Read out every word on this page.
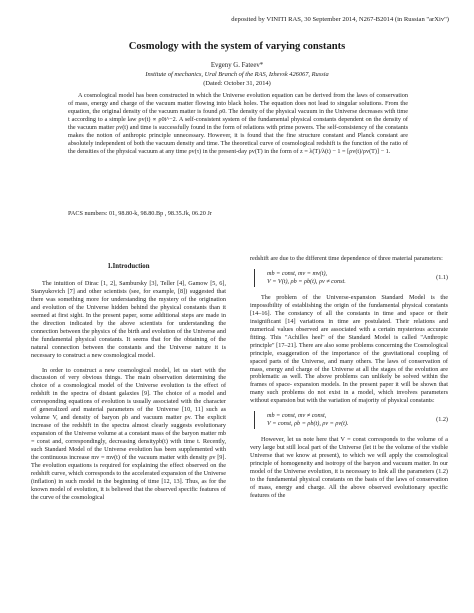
deposited by VINITI RAS, 30 September 2014, N267-B2014 (in Russian "arXiv")
Cosmology with the system of varying constants
Evgeny G. Fateev*
Institute of mechanics, Ural Branch of the RAS, Izhevsk 426067, Russia
(Dated: October 31, 2014)

A cosmological model has been constructed in which the Universe evolution equation can be derived from the laws of conservation of mass, energy and charge of the vacuum matter flowing into black holes. The equation does not lead to singular solutions. From the equation, the original density of the vacuum matter is found ρ0. The density of the physical vacuum in the Universe decreases with time t according to a simple law ρv(t) ∝ ρ0t^−2. A self-consistent system of the fundamental physical constants dependent on the density of the vacuum matter ρv(t) and time is successfully found in the form of relations with prime powers. The self-consistency of the constants makes the notion of anthropic principle unnecessary. However, it is found that the fine structure constant and Planck constant are absolutely independent of both the vacuum density and time. The theoretical curve of cosmological redshift is the function of the ratio of the densities of the physical vacuum at any time ρv(τ) in the present-day ρv(T) in the form of z = λ(T)/λ(t) − 1 = [ρv(t)/ρv(T)] − 1.

PACS numbers: 01, 98.80-k, 98.80.Bp , 98.35.Jk, 06.20 Jr

1.Introduction

The intuition of Dirac [1, 2], Sambursky [3], Teller [4], Gamow [5, 6], Stanyukovich [7] and other scientists (see, for example, [8]) suggested that there was something more for understanding the mystery of the origination and evolution of the Universe hidden behind the physical constants than it seemed at first sight. In the present paper, some additional steps are made in the direction indicated by the above scientists for understanding the connection between the physics of the birth and evolution of the Universe and the fundamental physical constants. It seems that for the obtaining of the natural connection between the constants and the Universe nature it is necessary to construct a new cosmological model.

In order to construct a new cosmological model, let us start with the discussion of very obvious things. The main observation determining the choice of a cosmological model of the Universe evolution is the effect of redshift in the spectra of distant galaxies [9]. The choice of a model and corresponding equations of evolution is usually associated with the character of generalized and material parameters of the Universe [10, 11] such as volume V, and density of baryon ρb and vacuum matter ρv. The explicit increase of the redshift in the spectra almost clearly suggests evolutionary expansion of the Universe volume at a constant mass of the baryon matter mb = const and, correspondingly, decreasing densityρb(t) with time t. Recently, such Standard Model of the Universe evolution has been supplemented with the continuous increase mv = mv(t) of the vacuum matter with density ρv [9]. The evolution equations is required for explaining the effect observed on the redshift curve, which corresponds to the accelerated expansion of the Universe (inflation) in such model in the beginning of time [12, 13]. Thus, as for the known model of evolution, it is believed that the observed specific features of the curve of the cosmological

redshift are due to the different time dependence of three material parameters:

mb = const, mv = mv(t),
V = V(t), ρb = ρb(t), ρv ≠ const.
(1.1)

The problem of the Universe-expansion Standard Model is the impossibility of establishing the origin of the fundamental physical constants [14–16]. The constancy of all the constants in time and space or their insignificant [14] variations in time are postulated. Their relations and numerical values observed are associated with a certain mysterious accurate fitting. This "Achilles heel" of the Standard Model is called "Anthropic principle" [17–21]. There are also some problems concerning the Cosmological principle, exaggeration of the importance of the gravitational coupling of spaced parts of the Universe, and many others. The laws of conservation of mass, energy and charge of the Universe at all the stages of the evolution are problematic as well. The above problems can unlikely be solved within the frames of space- expansion models. In the present paper it will be shown that many such problems do not exist in a model, which involves parameters without expansion but with the variation of majority of physical constants:

mb = const, mv ≠ const,
V = const, ρb = ρb(t), ρv = ρv(t).
(1.2)

However, let us note here that V = const corresponds to the volume of a very large but still local part of the Universe (let it be the volume of the visible Universe that we know at present), to which we will apply the cosmological principle of homogeneity and isotropy of the baryon and vacuum matter. In our model of the Universe evolution, it is necessary to link all the parameters (1.2) to the fundamental physical constants on the basis of the laws of conservation of mass, energy and charge. All the above observed evolutionary specific features of the
